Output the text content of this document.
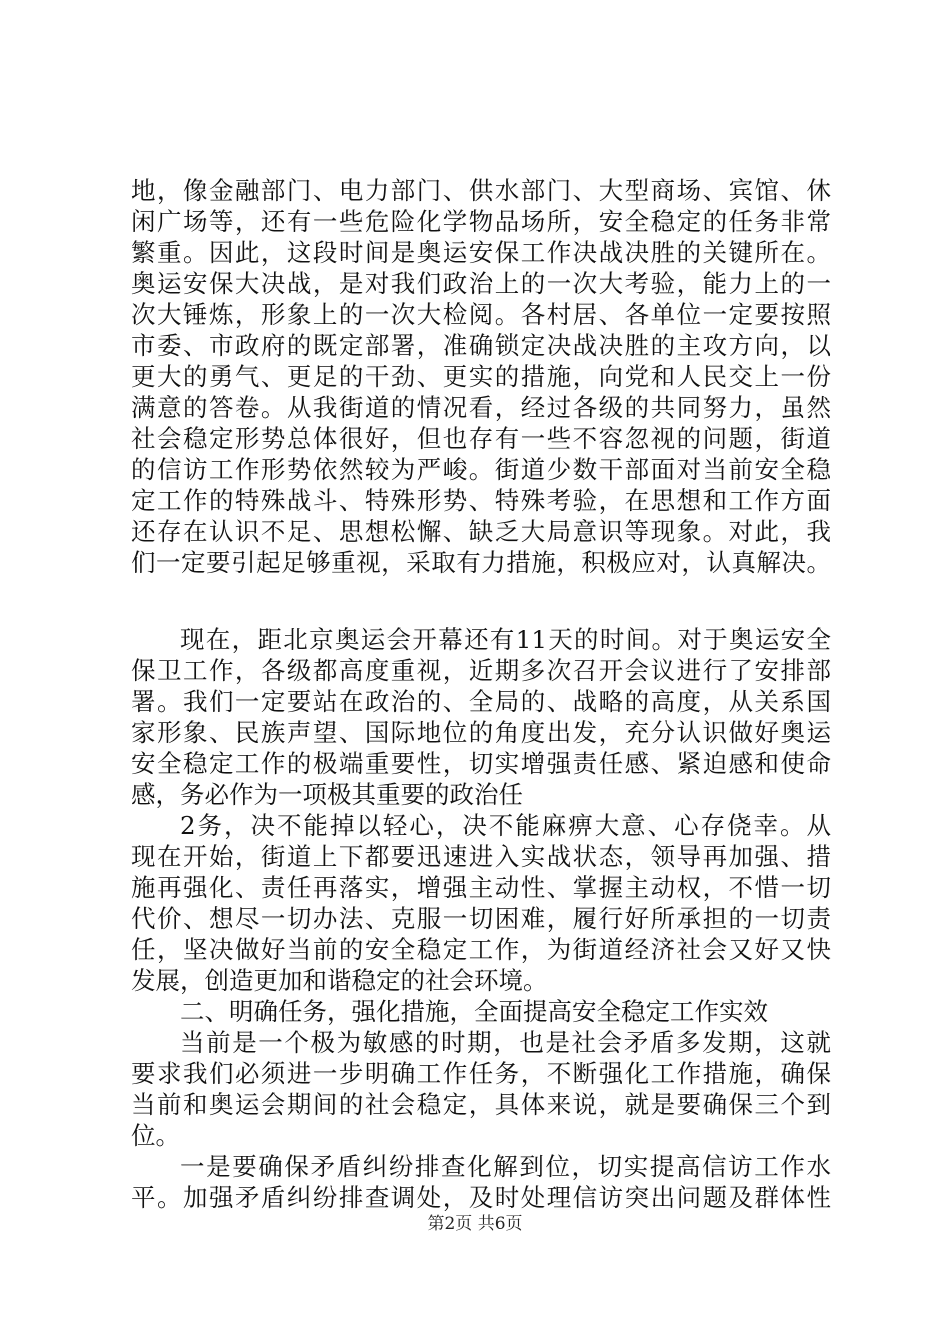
地，像金融部门、电力部门、供水部门、大型商场、宾馆、休

闲广场等，还有一些危险化学物品场所，安全稳定的任务非常

繁重。因此，这段时间是奥运安保工作决战决胜的关键所在。

奥运安保大决战，是对我们政治上的一次大考验，能力上的一

次大锤炼，形象上的一次大检阅。各村居、各单位一定要按照

市委、市政府的既定部署，准确锁定决战决胜的主攻方向，以

更大的勇气、更足的干劲、更实的措施，向党和人民交上一份

满意的答卷。从我街道的情况看，经过各级的共同努力，虽然

社会稳定形势总体很好，但也存有一些不容忽视的问题，街道

的信访工作形势依然较为严峻。街道少数干部面对当前安全稳

定工作的特殊战斗、特殊形势、特殊考验，在思想和工作方面

还存在认识不足、思想松懈、缺乏大局意识等现象。对此，我

们一定要引起足够重视，采取有力措施，积极应对，认真解决。

现在，距北京奥运会开幕还有11天的时间。对于奥运安全

保卫工作，各级都高度重视，近期多次召开会议进行了安排部

署。我们一定要站在政治的、全局的、战略的高度，从关系国

家形象、民族声望、国际地位的角度出发，充分认识做好奥运

安全稳定工作的极端重要性，切实增强责任感、紧迫感和使命

感，务必作为一项极其重要的政治任

2务，决不能掉以轻心，决不能麻痹大意、心存侥幸。从

现在开始，街道上下都要迅速进入实战状态，领导再加强、措

施再强化、责任再落实，增强主动性、掌握主动权，不惜一切

代价、想尽一切办法、克服一切困难，履行好所承担的一切责

任，坚决做好当前的安全稳定工作，为街道经济社会又好又快

发展，创造更加和谐稳定的社会环境。

二、明确任务，强化措施，全面提高安全稳定工作实效

当前是一个极为敏感的时期，也是社会矛盾多发期，这就

要求我们必须进一步明确工作任务，不断强化工作措施，确保

当前和奥运会期间的社会稳定，具体来说，就是要确保三个到

位。

一是要确保矛盾纠纷排查化解到位，切实提高信访工作水

平。加强矛盾纠纷排查调处，及时处理信访突出问题及群体性

第2页 共6页
